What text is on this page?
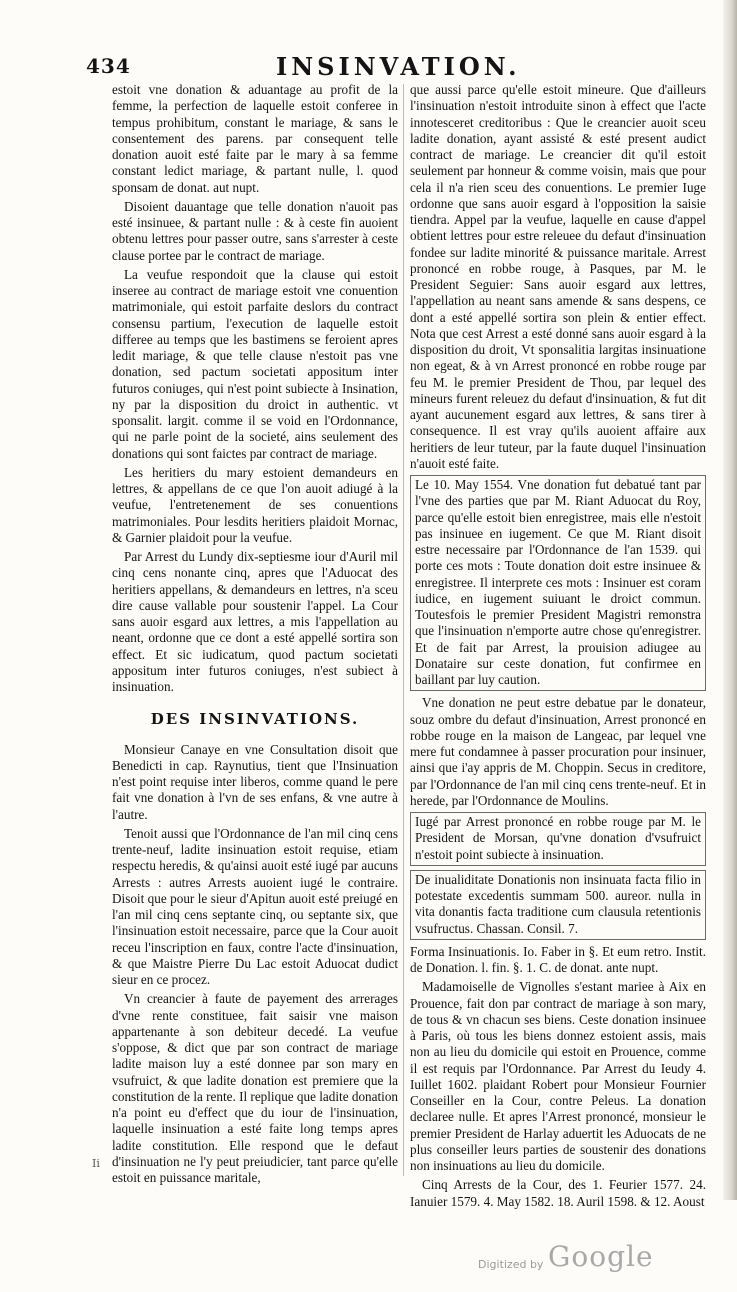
434	INSINVATION.

estoit vne donation & aduantage au profit de la femme, la perfection de laquelle estoit conferee in tempus prohibitum, constant le mariage, & sans le consentement des parens. par consequent telle donation auoit esté faite par le mary à sa femme constant ledict mariage, & partant nulle, l. quod sponsam de donat. aut nupt.

Disoient dauantage que telle donation n'auoit pas esté insinuee, & partant nulle : & à ceste fin auoient obtenu lettres pour passer outre, sans s'arrester à ceste clause portee par le contract de mariage.

La veufue respondoit que la clause qui estoit inseree au contract de mariage estoit vne conuention matrimoniale, qui estoit parfaite deslors du contract consensu partium, l'execution de laquelle estoit differee au temps que les bastimens se feroient apres ledit mariage, & que telle clause n'estoit pas vne donation, sed pactum societati appositum inter futuros coniuges, qui n'est point subiecte à Insination, ny par la disposition du droict in authentic. vt sponsalit. largit. comme il se void en l'Ordonnance, qui ne parle point de la societé, ains seulement des donations qui sont faictes par contract de mariage.

Les heritiers du mary estoient demandeurs en lettres, & appellans de ce que l'on auoit adiugé à la veufue, l'entretenement de ses conuentions matrimoniales. Pour lesdits heritiers plaidoit Mornac, & Garnier plaidoit pour la veufue.

Par Arrest du Lundy dix-septiesme iour d'Auril mil cinq cens nonante cinq, apres que l'Aduocat des heritiers appellans, & demandeurs en lettres, n'a sceu dire cause vallable pour soustenir l'appel. La Cour sans auoir esgard aux lettres, a mis l'appellation au neant, ordonne que ce dont a esté appellé sortira son effect. Et sic iudicatum, quod pactum societati appositum inter futuros coniuges, n'est subiect à insinuation.

DES INSINVATIONS.

Monsieur Canaye en vne Consultation disoit que Benedicti in cap. Raynutius, tient que l'Insinuation n'est point requise inter liberos, comme quand le pere fait vne donation à l'vn de ses enfans, & vne autre à l'autre.

Tenoit aussi que l'Ordonnance de l'an mil cinq cens trente-neuf, ladite insinuation estoit requise, etiam respectu heredis, & qu'ainsi auoit esté iugé par aucuns Arrests : autres Arrests auoient iugé le contraire. Disoit que pour le sieur d'Apitun auoit esté preiugé en l'an mil cinq cens septante cinq, ou septante six, que l'insinuation estoit necessaire, parce que la Cour auoit receu l'inscription en faux, contre l'acte d'insinuation, & que Maistre Pierre Du Lac estoit Aduocat dudict sieur en ce procez.

Vn creancier à faute de payement des arrerages d'vne rente constituee, fait saisir vne maison appartenante à son debiteur decedé. La veufue s'oppose, & dict que par son contract de mariage ladite maison luy a esté donnee par son mary en vsufruict, & que ladite donation est premiere que la constitution de la rente. Il replique que ladite donation n'a point eu d'effect que du iour de l'insinuation, laquelle insinuation a esté faite long temps apres ladite constitution. Elle respond que le defaut d'insinuation ne l'y peut preiudicier, tant parce qu'elle estoit en puissance maritale,

que aussi parce qu'elle estoit mineure. Que d'ailleurs l'insinuation n'estoit introduite sinon à effect que l'acte innotesceret creditoribus : Que le creancier auoit sceu ladite donation, ayant assisté & esté present audict contract de mariage. Le creancier dit qu'il estoit seulement par honneur & comme voisin, mais que pour cela il n'a rien sceu des conuentions. Le premier Iuge ordonne que sans auoir esgard à l'opposition la saisie tiendra. Appel par la veufue, laquelle en cause d'appel obtient lettres pour estre releuee du defaut d'insinuation fondee sur ladite minorité & puissance maritale. Arrest prononcé en robbe rouge, à Pasques, par M. le President Seguier: Sans auoir esgard aux lettres, l'appellation au neant sans amende & sans despens, ce dont a esté appellé sortira son plein & entier effect. Nota que cest Arrest a esté donné sans auoir esgard à la disposition du droit, Vt sponsalitia largitas insinuatione non egeat, & à vn Arrest prononcé en robbe rouge par feu M. le premier President de Thou, par lequel des mineurs furent releuez du defaut d'insinuation, & fut dit ayant aucunement esgard aux lettres, & sans tirer à consequence. Il est vray qu'ils auoient affaire aux heritiers de leur tuteur, par la faute duquel l'insinuation n'auoit esté faite.

Le 10. May 1554. Vne donation fut debatué tant par l'vne des parties que par M. Riant Aduocat du Roy, parce qu'elle estoit bien enregistree, mais elle n'estoit pas insinuee en iugement. Ce que M. Riant disoit estre necessaire par l'Ordonnance de l'an 1539. qui porte ces mots : Toute donation doit estre insinuee & enregistree. Il interprete ces mots : Insinuer est coram iudice, en iugement suiuant le droict commun. Toutesfois le premier President Magistri remonstra que l'insinuation n'emporte autre chose qu'enregistrer. Et de fait par Arrest, la prouision adiugee au Donataire sur ceste donation, fut confirmee en baillant par luy caution.

Vne donation ne peut estre debatue par le donateur, souz ombre du defaut d'insinuation, Arrest prononcé en robbe rouge en la maison de Langeac, par lequel vne mere fut condamnee à passer procuration pour insinuer, ainsi que i'ay appris de M. Choppin. Secus in creditore, par l'Ordonnance de l'an mil cinq cens trente-neuf. Et in herede, par l'Ordonnance de Moulins.

Iugé par Arrest prononcé en robbe rouge par M. le President de Morsan, qu'vne donation d'vsufruict n'estoit point subiecte à insinuation.

De inualiditate Donationis non insinuata facta filio in potestate excedentis summam 500. aureor. nulla in vita donantis facta traditione cum clausula retentionis vsufructus. Chassan. Consil. 7.

Forma Insinuationis. Io. Faber in §. Et eum retro. Instit. de Donation. l. fin. §. 1. C. de donat. ante nupt.

Madamoiselle de Vignolles s'estant mariee à Aix en Prouence, fait don par contract de mariage à son mary, de tous & vn chacun ses biens. Ceste donation insinuee à Paris, où tous les biens donnez estoient assis, mais non au lieu du domicile qui estoit en Prouence, comme il est requis par l'Ordonnance. Par Arrest du Ieudy 4. Iuillet 1602. plaidant Robert pour Monsieur Fournier Conseiller en la Cour, contre Peleus. La donation declaree nulle. Et apres l'Arrest prononcé, monsieur le premier President de Harlay aduertit les Aduocats de ne plus conseiller leurs parties de soustenir des donations non insinuations au lieu du domicile.

Cinq Arrests de la Cour, des 1. Feurier 1577. 24. Ianuier 1579. 4. May 1582. 18. Auril 1598. & 12. Aoust

Ii
Digitized by Google
